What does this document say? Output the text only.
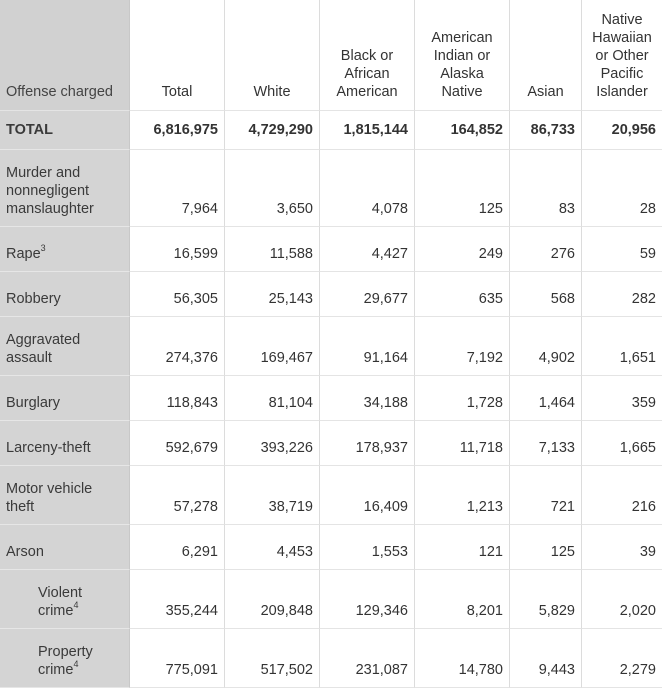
Offense charged	Total	White	Black or African American	American Indian or Alaska Native	Asian	Native Hawaiian or Other Pacific Islander
TOTAL	6,816,975	4,729,290	1,815,144	164,852	86,733	20,956
Murder and nonnegligent manslaughter	7,964	3,650	4,078	125	83	28
Rape$^3$	16,599	11,588	4,427	249	276	59
Robbery	56,305	25,143	29,677	635	568	282
Aggravated assault	274,376	169,467	91,164	7,192	4,902	1,651
Burglary	118,843	81,104	34,188	1,728	1,464	359
Larceny-theft	592,679	393,226	178,937	11,718	7,133	1,665
Motor vehicle theft	57,278	38,719	16,409	1,213	721	216
Arson	6,291	4,453	1,553	121	125	39
Violent crime$^4$	355,244	209,848	129,346	8,201	5,829	2,020
Property crime$^4$	775,091	517,502	231,087	14,780	9,443	2,279
